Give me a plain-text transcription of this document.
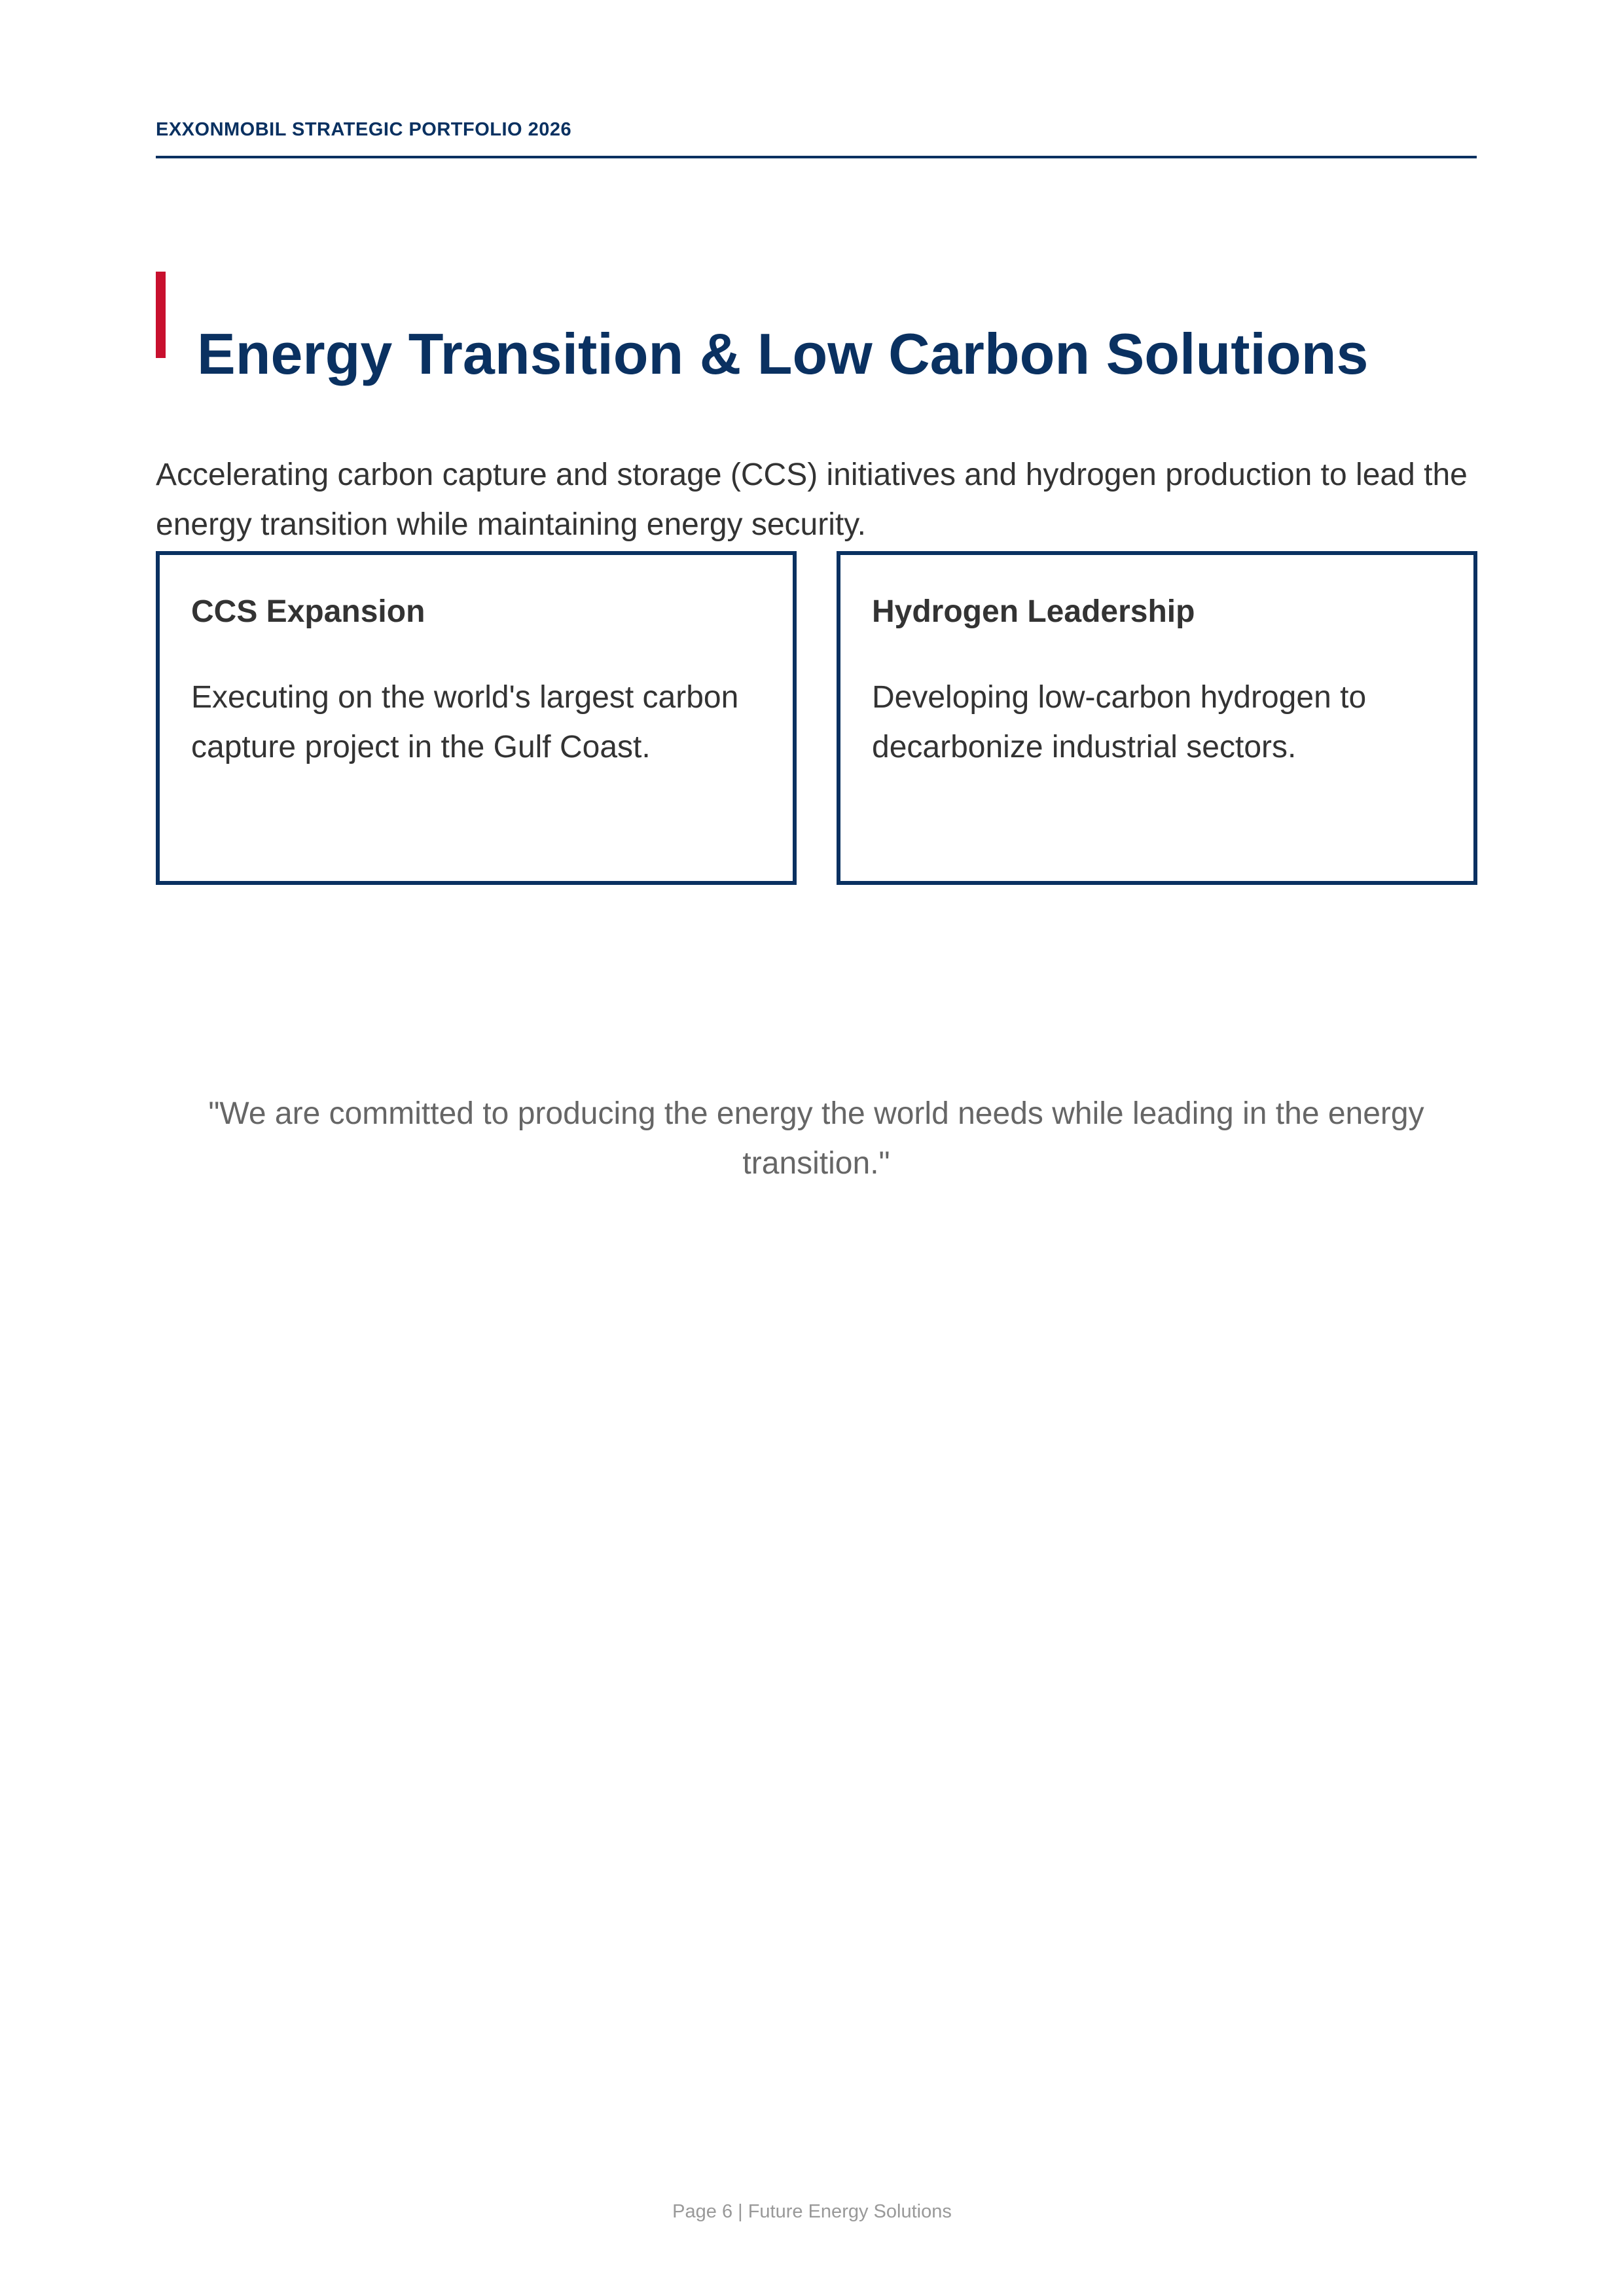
EXXONMOBIL STRATEGIC PORTFOLIO 2026
Energy Transition & Low Carbon Solutions

Accelerating carbon capture and storage (CCS) initiatives and hydrogen production to lead the energy transition while maintaining energy security.

CCS Expansion
Executing on the world's largest carbon capture project in the Gulf Coast.
Hydrogen Leadership
Developing low-carbon hydrogen to decarbonize industrial sectors.
"We are committed to producing the energy the world needs while leading in the energy transition."
Page 6 | Future Energy Solutions
